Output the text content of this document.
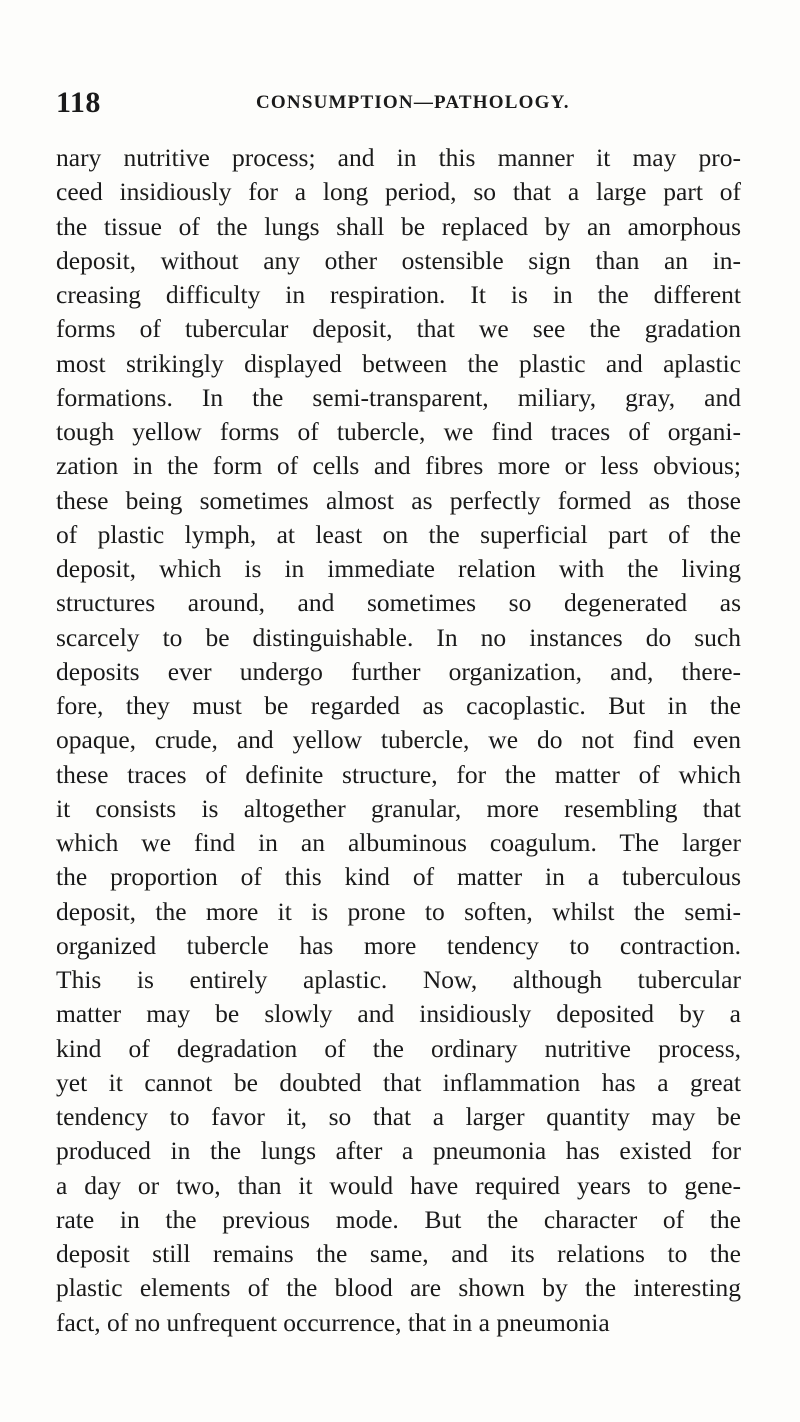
118	CONSUMPTION—PATHOLOGY.
nary nutritive process; and in this manner it may pro-
ceed insidiously for a long period, so that a large part of
the tissue of the lungs shall be replaced by an amorphous
deposit, without any other ostensible sign than an in-
creasing difficulty in respiration. It is in the different
forms of tubercular deposit, that we see the gradation
most strikingly displayed between the plastic and aplastic
formations. In the semi-transparent, miliary, gray, and
tough yellow forms of tubercle, we find traces of organi-
zation in the form of cells and fibres more or less obvious;
these being sometimes almost as perfectly formed as those
of plastic lymph, at least on the superficial part of the
deposit, which is in immediate relation with the living
structures around, and sometimes so degenerated as
scarcely to be distinguishable. In no instances do such
deposits ever undergo further organization, and, there-
fore, they must be regarded as cacoplastic. But in the
opaque, crude, and yellow tubercle, we do not find even
these traces of definite structure, for the matter of which
it consists is altogether granular, more resembling that
which we find in an albuminous coagulum. The larger
the proportion of this kind of matter in a tuberculous
deposit, the more it is prone to soften, whilst the semi-
organized tubercle has more tendency to contraction.
This is entirely aplastic. Now, although tubercular
matter may be slowly and insidiously deposited by a
kind of degradation of the ordinary nutritive process,
yet it cannot be doubted that inflammation has a great
tendency to favor it, so that a larger quantity may be
produced in the lungs after a pneumonia has existed for
a day or two, than it would have required years to gene-
rate in the previous mode. But the character of the
deposit still remains the same, and its relations to the
plastic elements of the blood are shown by the interesting
fact, of no unfrequent occurrence, that in a pneumonia
